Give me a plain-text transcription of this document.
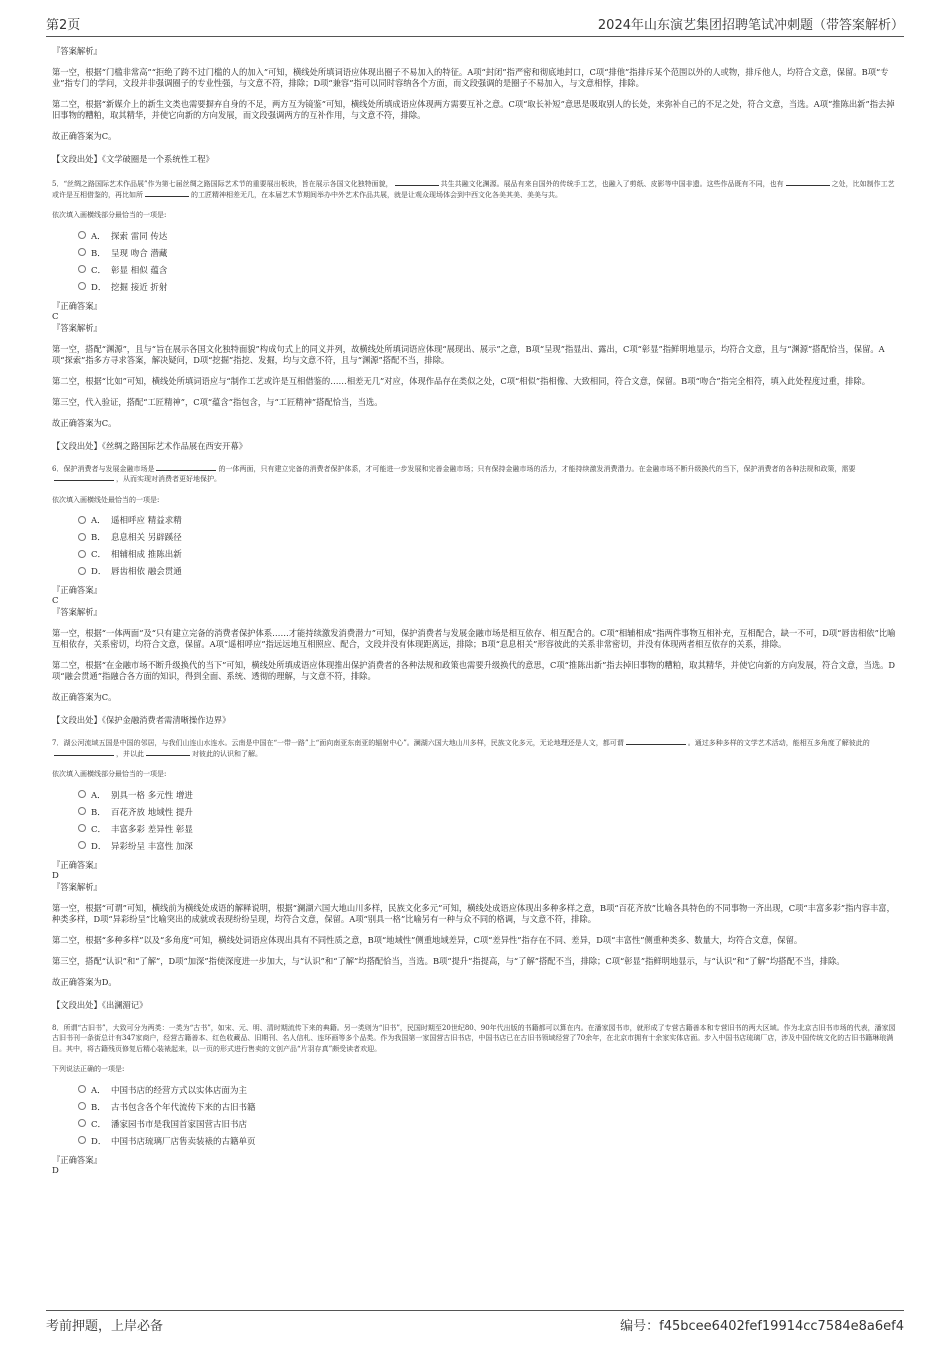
第2页	2024年山东演艺集团招聘笔试冲刺题（带答案解析）

『答案解析』

第一空，根据“门槛非常高”“拒绝了跨不过门槛的人的加入”可知，横线处所填词语应体现出圈子不易加入的特征。A项“封闭”指严密和彻底地封口，C项“排他”指排斥某个范围以外的人或物，排斥他人，均符合文意，保留。B项“专业”指专门的学问，文段并非强调圈子的专业性强，与文意不符，排除；D项“兼容”指可以同时容纳各个方面，而文段强调的是圈子不易加入，与文意相悖，排除。

第二空，根据“新媒介上的新生文类也需要摒弃自身的不足，两方互为镜鉴”可知，横线处所填成语应体现两方需要互补之意。C项“取长补短”意思是吸取别人的长处，来弥补自己的不足之处，符合文意，当选。A项“推陈出新”指去掉旧事物的糟粕，取其精华，并使它向新的方向发展，而文段强调两方的互补作用，与文意不符，排除。

故正确答案为C。

【文段出处】《文学破圈是一个系统性工程》

5．“丝绸之路国际艺术作品展”作为第七届丝绸之路国际艺术节的重要展出板块，旨在展示各国文化独特面貌，	共生共融文化渊源。展品有来自国外的传统手工艺，也融入了剪纸、皮影等中国非遗。这些作品既有不同，也有	之处，比如制作工艺或许是互相借鉴的，再比如所	的工匠精神相差无几，在本届艺术节期间举办中外艺术作品共展，就是让观众现场体会到中西文化各美其美、美美与共。

依次填入画横线部分最恰当的一项是:

A． 探索 雷同 传达
B． 呈现 吻合 潜藏
C． 彰显 相似 蕴含
D． 挖掘 接近 折射

『正确答案』

C

『答案解析』

第一空，搭配“渊源”，且与“旨在展示各国文化独特面貌”构成句式上的同义并列，故横线处所填词语应体现“展现出、展示”之意，B项“呈现”指显出、露出，C项“彰显”指鲜明地显示，均符合文意，且与“渊源”搭配恰当，保留。A项“探索”指多方寻求答案，解决疑问，D项“挖掘”指挖、发掘，均与文意不符，且与“渊源”搭配不当，排除。

第二空，根据“比如”可知，横线处所填词语应与“制作工艺或许是互相借鉴的……相差无几”对应，体现作品存在类似之处，C项“相似”指相像、大致相同，符合文意，保留。B项“吻合”指完全相符，填入此处程度过重，排除。

第三空，代入验证，搭配“工匠精神”，C项“蕴含”指包含，与“工匠精神”搭配恰当，当选。

故正确答案为C。

【文段出处】《丝绸之路国际艺术作品展在西安开幕》

6．保护消费者与发展金融市场是	的一体两面，只有建立完备的消费者保护体系，才可能进一步发展和完善金融市场；只有保持金融市场的活力，才能持续激发消费潜力。在金融市场不断升级换代的当下，保护消费者的各种法规和政策，需要，从而实现对消费者更好地保护。

依次填入画横线处最恰当的一项是:

A． 遥相呼应 精益求精
B． 息息相关 另辟蹊径
C． 相辅相成 推陈出新
D． 唇齿相依 融会贯通

『正确答案』

C

『答案解析』

第一空，根据“一体两面”及“只有建立完备的消费者保护体系……才能持续激发消费潜力”可知，保护消费者与发展金融市场是相互依存、相互配合的。C项“相辅相成”指两件事物互相补充，互相配合，缺一不可，D项“唇齿相依”比喻互相依存，关系密切，均符合文意，保留。A项“遥相呼应”指远远地互相照应、配合，文段并没有体现距离远，排除；B项“息息相关”形容彼此的关系非常密切，并没有体现两者相互依存的关系，排除。

第二空，根据“在金融市场不断升级换代的当下”可知，横线处所填成语应体现推出保护消费者的各种法规和政策也需要升级换代的意思，C项“推陈出新”指去掉旧事物的糟粕，取其精华，并使它向新的方向发展，符合文意，当选。D项“融会贯通”指融合各方面的知识，得到全面、系统、透彻的理解，与文意不符，排除。

故正确答案为C。

【文段出处】《保护金融消费者需清晰操作边界》

7．湖公河流域五国是中国的邻居，与我们山连山水连水。云南是中国在“一带一路”上“面向南亚东南亚的辐射中心”。澜湖六国大地山川多样，民族文化多元，无论地理还是人文，都可谓	。通过多种多样的文学艺术活动，能相互多角度了解彼此的，并以此	对彼此的认识和了解。

依次填入画横线部分最恰当的一项是:

A． 别具一格 多元性 增进
B． 百花齐放 地域性 提升
C． 丰富多彩 差异性 彰显
D． 异彩纷呈 丰富性 加深

『正确答案』

D

『答案解析』

第一空，根据“可谓”可知，横线前为横线处成语的解释说明，根据“澜湖六国大地山川多样，民族文化多元”可知，横线处成语应体现出多种多样之意，B项“百花齐放”比喻各具特色的不同事物一齐出现，C项“丰富多彩”指内容丰富，种类多样，D项“异彩纷呈”比喻突出的成就或表现纷纷呈现，均符合文意，保留。A项“别具一格”比喻另有一种与众不同的格调，与文意不符，排除。

第二空，根据“多种多样”以及“多角度”可知，横线处词语应体现出具有不同性质之意，B项“地域性”侧重地域差异，C项“差异性”指存在不同、差异，D项“丰富性”侧重种类多、数量大，均符合文意，保留。

第三空，搭配“认识”和“了解”，D项“加深”指使深度进一步加大，与“认识”和“了解”均搭配恰当，当选。B项“提升”指提高，与“了解”搭配不当，排除；C项“彰显”指鲜明地显示，与“认识”和“了解”均搭配不当，排除。

故正确答案为D。

【文段出处】《出澜湄记》

8．所谓“古旧书”，大致可分为两类：一类为“古书”，如宋、元、明、清时期流传下来的典籍。另一类则为“旧书”，民国时期至20世纪80、90年代出版的书籍都可以算在内。在潘家园书市，就形成了专营古籍善本和专营旧书的两大区域。作为北京古旧书市场的代表，潘家园古旧书刊一条街总计有347家商户，经营古籍善本、红色收藏品、旧期刊、名人信札、连环画等多个品类。作为我国第一家国营古旧书店，中国书店已在古旧书领域经营了70余年，在北京市拥有十余家实体店面。步入中国书店琉璃厂店，涉及中国传统文化的古旧书籍琳琅满目。其中，将古籍残页修复后精心装裱起来，以一页的形式进行售卖的文创产品“片羽存真”颇受读者欢迎。

下列说法正确的一项是:

A． 中国书店的经营方式以实体店面为主
B． 古书包含各个年代流传下来的古旧书籍
C． 潘家园书市是我国首家国营古旧书店
D． 中国书店琉璃厂店售卖装裱的古籍单页

『正确答案』

D

考前押题，上岸必备	编号：f45bcee6402fef19914cc7584e8a6ef4
